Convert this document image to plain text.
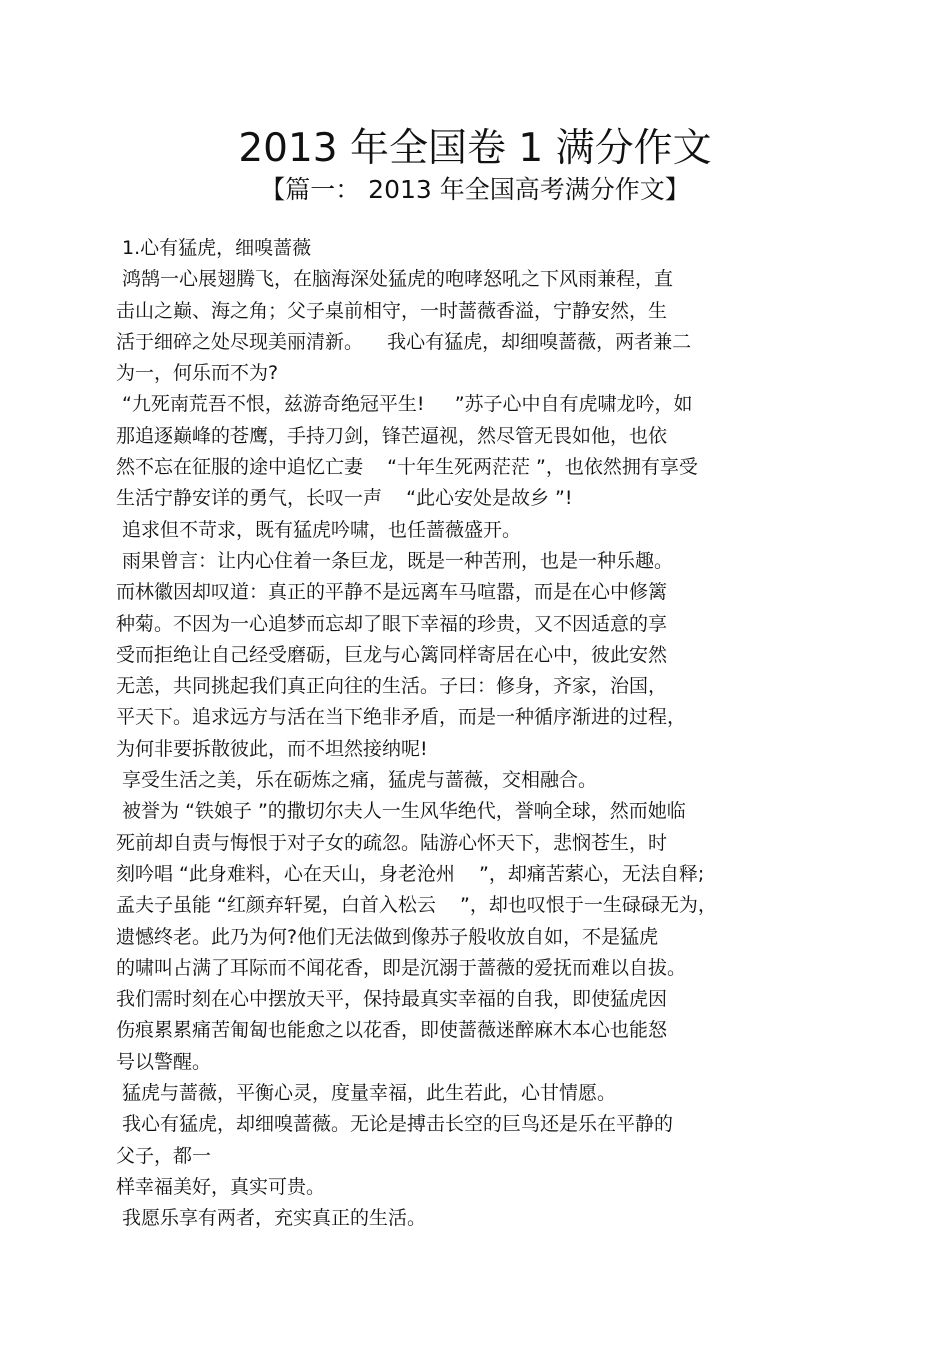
2013 年全国卷 1 满分作文
【篇一： 2013 年全国高考满分作文】
1.心有猛虎，细嗅蔷薇
鸿鹄一心展翅腾飞，在脑海深处猛虎的咆哮怒吼之下风雨兼程，直
击山之巅、海之角；父子桌前相守，一时蔷薇香溢，宁静安然，生
活于细碎之处尽现美丽清新。    我心有猛虎，却细嗅蔷薇，两者兼二
为一，何乐而不为?
“九死南荒吾不恨，兹游奇绝冠平生!     ”苏子心中自有虎啸龙吟，如
那追逐巅峰的苍鹰，手持刀剑，锋芒逼视，然尽管无畏如他，也依
然不忘在征服的途中追忆亡妻    “十年生死两茫茫 ”，也依然拥有享受
生活宁静安详的勇气，长叹一声    “此心安处是故乡 ”!
追求但不苛求，既有猛虎吟啸，也任蔷薇盛开。
雨果曾言：让内心住着一条巨龙，既是一种苦刑，也是一种乐趣。
而林徽因却叹道：真正的平静不是远离车马喧嚣，而是在心中修篱
种菊。不因为一心追梦而忘却了眼下幸福的珍贵，又不因适意的享
受而拒绝让自己经受磨砺，巨龙与心篱同样寄居在心中，彼此安然
无恙，共同挑起我们真正向往的生活。子曰：修身，齐家，治国，
平天下。追求远方与活在当下绝非矛盾，而是一种循序渐进的过程，
为何非要拆散彼此，而不坦然接纳呢!
享受生活之美，乐在砺炼之痛，猛虎与蔷薇，交相融合。
被誉为 “铁娘子 ”的撒切尔夫人一生风华绝代，誉响全球，然而她临
死前却自责与悔恨于对子女的疏忽。陆游心怀天下，悲悯苍生，时
刻吟唱 “此身难料，心在天山，身老沧州    ”，却痛苦萦心，无法自释;
孟夫子虽能 “红颜弃轩冕，白首入松云    ”，却也叹恨于一生碌碌无为，
遗憾终老。此乃为何?他们无法做到像苏子般收放自如，不是猛虎
的啸叫占满了耳际而不闻花香，即是沉溺于蔷薇的爱抚而难以自拔。
我们需时刻在心中摆放天平，保持最真实幸福的自我，即使猛虎因
伤痕累累痛苦匍匐也能愈之以花香，即使蔷薇迷醉麻木本心也能怒
号以警醒。
猛虎与蔷薇，平衡心灵，度量幸福，此生若此，心甘情愿。
我心有猛虎，却细嗅蔷薇。无论是搏击长空的巨鸟还是乐在平静的
父子，都一
样幸福美好，真实可贵。
我愿乐享有两者，充实真正的生活。
